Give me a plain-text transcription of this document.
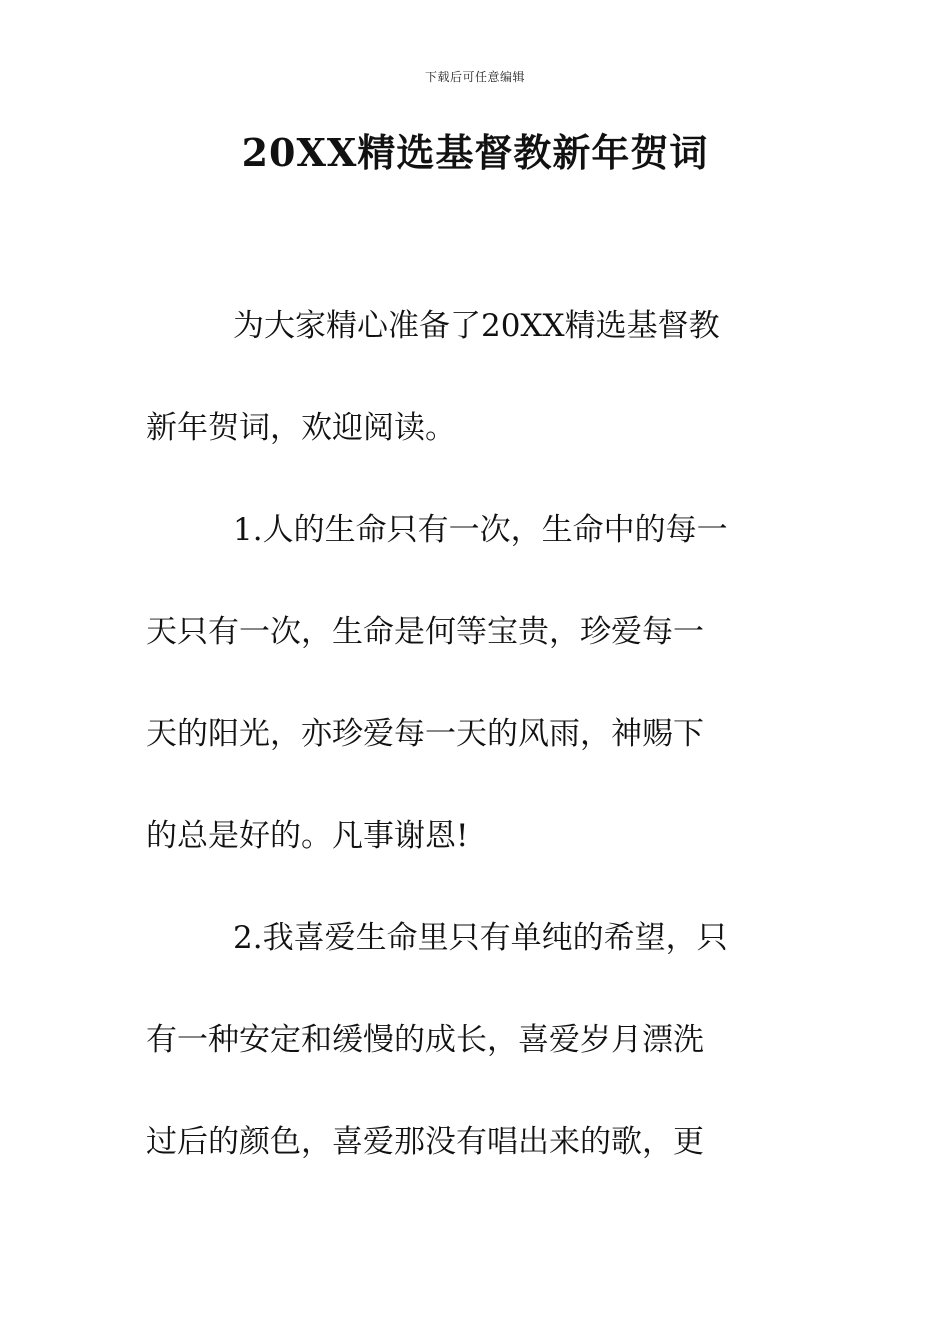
下载后可任意编辑
20XX精选基督教新年贺词
为大家精心准备了20XX精选基督教
新年贺词，欢迎阅读。
1.人的生命只有一次，生命中的每一
天只有一次，生命是何等宝贵，珍爱每一
天的阳光，亦珍爱每一天的风雨，神赐下
的总是好的。凡事谢恩!
2.我喜爱生命里只有单纯的希望，只
有一种安定和缓慢的成长，喜爱岁月漂洗
过后的颜色，喜爱那没有唱出来的歌，更
